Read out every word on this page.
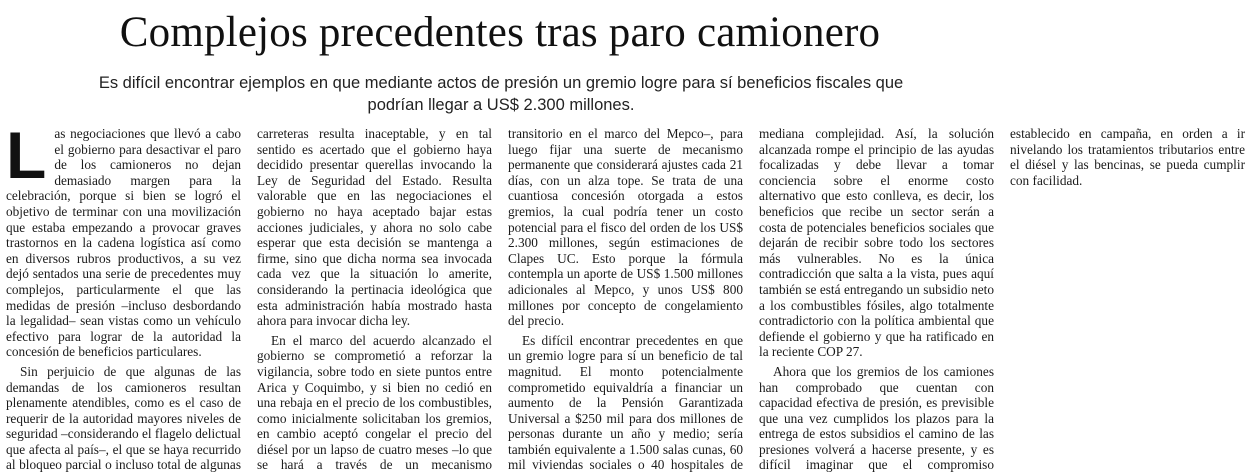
Complejos precedentes tras paro camionero
Es difícil encontrar ejemplos en que mediante actos de presión un gremio logre para sí beneficios fiscales que podrían llegar a US$ 2.300 millones.

Las negociaciones que llevó a cabo el gobierno para desactivar el paro de los camioneros no dejan demasiado margen para la celebración, porque si bien se logró el objetivo de terminar con una movilización que estaba empezando a provocar graves trastornos en la cadena logística así como en diversos rubros productivos, a su vez dejó sentados una serie de precedentes muy complejos, particularmente el que las medidas de presión –incluso desbordando la legalidad– sean vistas como un vehículo efectivo para lograr de la autoridad la concesión de beneficios particulares.

Sin perjuicio de que algunas de las demandas de los camioneros resultan plenamente atendibles, como es el caso de requerir de la autoridad mayores niveles de seguridad –considerando el flagelo delictual que afecta al país–, el que se haya recurrido al bloqueo parcial o incluso total de algunas carreteras resulta inaceptable, y en tal sentido es acertado que el gobierno haya decidido presentar querellas invocando la Ley de Seguridad del Estado. Resulta valorable que en las negociaciones el gobierno no haya aceptado bajar estas acciones judiciales, y ahora no solo cabe esperar que esta decisión se mantenga a firme, sino que dicha norma sea invocada cada vez que la situación lo amerite, considerando la pertinacia ideológica que esta administración había mostrado hasta ahora para invocar dicha ley.

En el marco del acuerdo alcanzado el gobierno se comprometió a reforzar la vigilancia, sobre todo en siete puntos entre Arica y Coquimbo, y si bien no cedió en una rebaja en el precio de los combustibles, como inicialmente solicitaban los gremios, en cambio aceptó congelar el precio del diésel por un lapso de cuatro meses –lo que se hará a través de un mecanismo transitorio en el marco del Mepco–, para luego fijar una suerte de mecanismo permanente que considerará ajustes cada 21 días, con un alza tope. Se trata de una cuantiosa concesión otorgada a estos gremios, la cual podría tener un costo potencial para el fisco del orden de los US$ 2.300 millones, según estimaciones de Clapes UC. Esto porque la fórmula contempla un aporte de US$ 1.500 millones adicionales al Mepco, y unos US$ 800 millones por concepto de congelamiento del precio.

Es difícil encontrar precedentes en que un gremio logre para sí un beneficio de tal magnitud. El monto potencialmente comprometido equivaldría a financiar un aumento de la Pensión Garantizada Universal a $250 mil para dos millones de personas durante un año y medio; sería también equivalente a 1.500 salas cunas, 60 mil viviendas sociales o 40 hospitales de mediana complejidad. Así, la solución alcanzada rompe el principio de las ayudas focalizadas y debe llevar a tomar conciencia sobre el enorme costo alternativo que esto conlleva, es decir, los beneficios que recibe un sector serán a costa de potenciales beneficios sociales que dejarán de recibir sobre todo los sectores más vulnerables. No es la única contradicción que salta a la vista, pues aquí también se está entregando un subsidio neto a los combustibles fósiles, algo totalmente contradictorio con la política ambiental que defiende el gobierno y que ha ratificado en la reciente COP 27.

Ahora que los gremios de los camiones han comprobado que cuentan con capacidad efectiva de presión, es previsible que una vez cumplidos los plazos para la entrega de estos subsidios el camino de las presiones volverá a hacerse presente, y es difícil imaginar que el compromiso establecido en campaña, en orden a ir nivelando los tratamientos tributarios entre el diésel y las bencinas, se pueda cumplir con facilidad.
